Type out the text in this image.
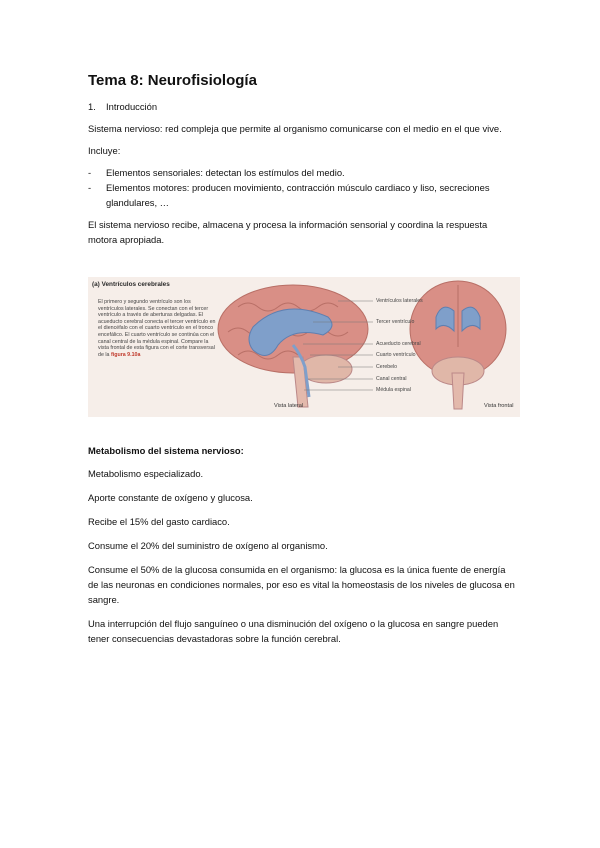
Tema 8: Neurofisiología
1. Introducción

Sistema nervioso: red compleja que permite al organismo comunicarse con el medio en el que vive.

Incluye:

- Elementos sensoriales: detectan los estímulos del medio.
- Elementos motores: producen movimiento, contracción músculo cardiaco y liso, secreciones glandulares, …

El sistema nervioso recibe, almacena y procesa la información sensorial y coordina la respuesta motora apropiada.

(a) Ventrículos cerebrales
El primero y segundo ventrículo son los ventrículos laterales. Se conectan con el tercer ventrículo a través de aberturas delgadas. El acueducto cerebral conecta el tercer ventrículo en el diencéfalo con el cuarto ventrículo en el tronco encefálico. El cuarto ventrículo se continúa con el canal central de la médula espinal. Compare la vista frontal de esta figura con el corte transversal de la figura 9.10a
Ventrículos laterales
Tercer ventrículo
Acueducto cerebral
Cuarto ventrículo
Cerebelo
Canal central
Médula espinal
Vista lateral	Vista frontal

Metabolismo del sistema nervioso:

Metabolismo especializado.

Aporte constante de oxígeno y glucosa.

Recibe el 15% del gasto cardiaco.

Consume el 20% del suministro de oxígeno al organismo.

Consume el 50% de la glucosa consumida en el organismo: la glucosa es la única fuente de energía de las neuronas en condiciones normales, por eso es vital la homeostasis de los niveles de glucosa en sangre.

Una interrupción del flujo sanguíneo o una disminución del oxígeno o la glucosa en sangre pueden tener consecuencias devastadoras sobre la función cerebral.
